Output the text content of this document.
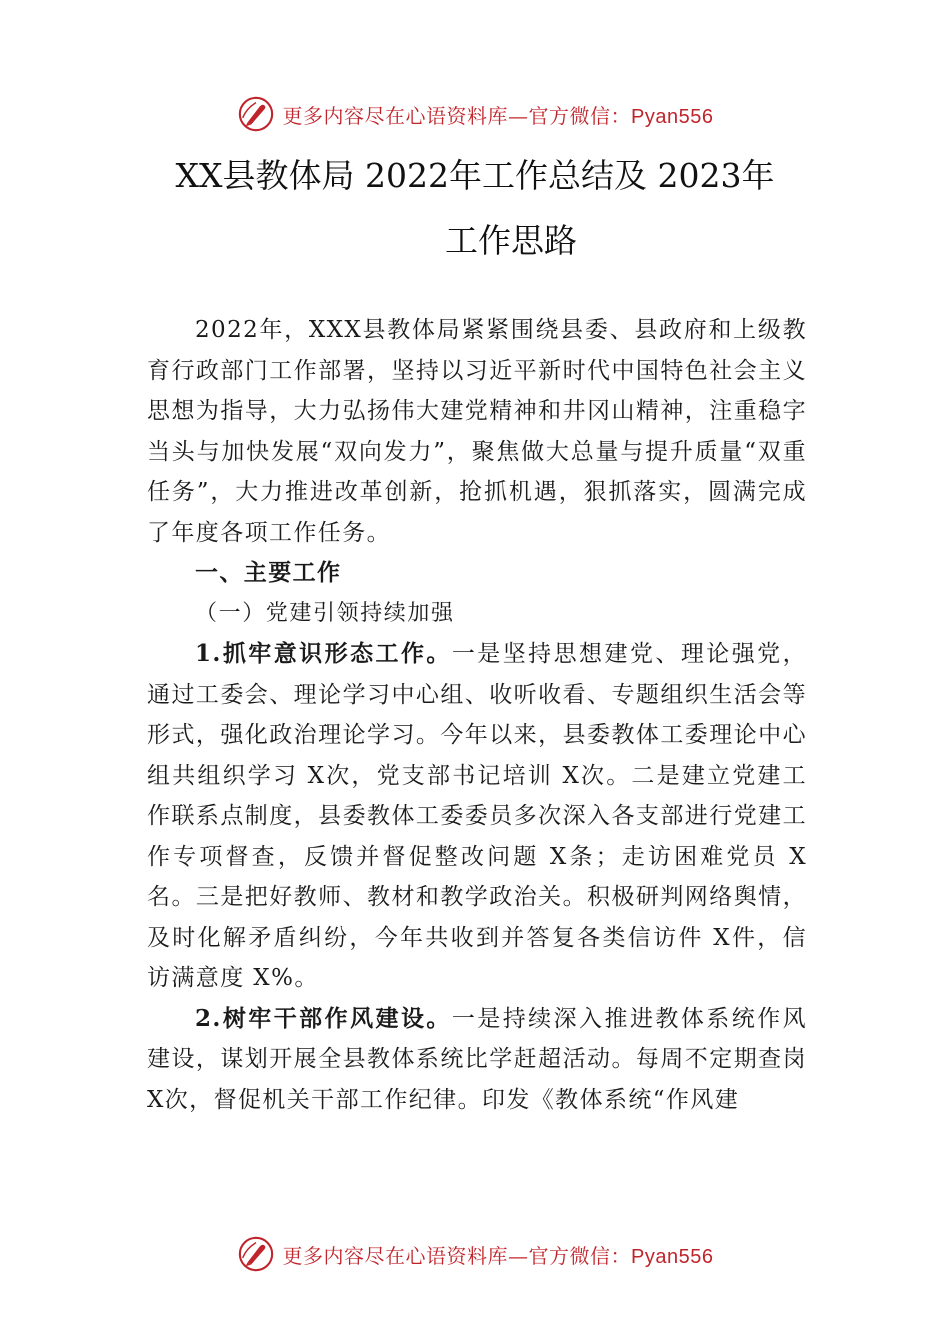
更多内容尽在心语资料库—官方微信：Pyan556
XX县教体局 2022年工作总结及 2023年
工作思路

2022年，XXX县教体局紧紧围绕县委、县政府和上级教育行政部门工作部署，坚持以习近平新时代中国特色社会主义思想为指导，大力弘扬伟大建党精神和井冈山精神，注重稳字当头与加快发展“双向发力”，聚焦做大总量与提升质量“双重任务”，大力推进改革创新，抢抓机遇，狠抓落实，圆满完成了年度各项工作任务。

一、主要工作

（一）党建引领持续加强

1.抓牢意识形态工作。一是坚持思想建党、理论强党，通过工委会、理论学习中心组、收听收看、专题组织生活会等形式，强化政治理论学习。今年以来，县委教体工委理论中心组共组织学习 X次，党支部书记培训 X次。二是建立党建工作联系点制度，县委教体工委委员多次深入各支部进行党建工作专项督查，反馈并督促整改问题 X条；走访困难党员 X名。三是把好教师、教材和教学政治关。积极研判网络舆情，及时化解矛盾纠纷，今年共收到并答复各类信访件 X件，信访满意度 X%。

2.树牢干部作风建设。一是持续深入推进教体系统作风建设，谋划开展全县教体系统比学赶超活动。每周不定期查岗 X次，督促机关干部工作纪律。印发《教体系统“作风建

更多内容尽在心语资料库—官方微信：Pyan556
